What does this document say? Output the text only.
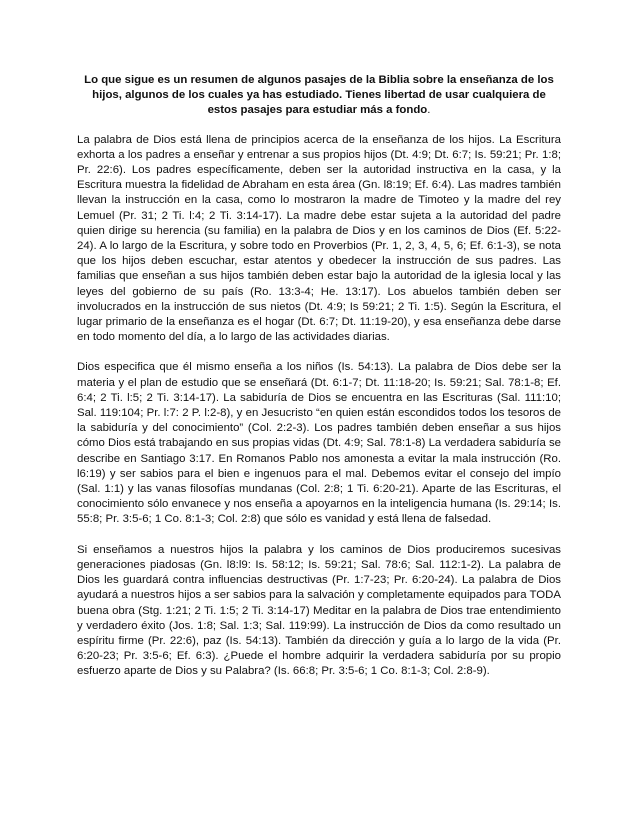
Lo que sigue es un resumen de algunos pasajes de la Biblia sobre la enseñanza de los hijos, algunos de los cuales ya has estudiado. Tienes libertad de usar cualquiera de estos pasajes para estudiar más a fondo.

La palabra de Dios está llena de principios acerca de la enseñanza de los hijos. La Escritura exhorta a los padres a enseñar y entrenar a sus propios hijos (Dt. 4:9; Dt. 6:7; Is. 59:21; Pr. 1:8; Pr. 22:6). Los padres específicamente, deben ser la autoridad instructiva en la casa, y la Escritura muestra la fidelidad de Abraham en esta área (Gn. l8:19; Ef. 6:4). Las madres también llevan la instrucción en la casa, como lo mostraron la madre de Timoteo y la madre del rey Lemuel (Pr. 31; 2 Ti. l:4; 2 Ti. 3:14-17). La madre debe estar sujeta a la autoridad del padre quien dirige su herencia (su familia) en la palabra de Dios y en los caminos de Dios (Ef. 5:22-24). A lo largo de la Escritura, y sobre todo en Proverbios (Pr. 1, 2, 3, 4, 5, 6; Ef. 6:1-3), se nota que los hijos deben escuchar, estar atentos y obedecer la instrucción de sus padres. Las familias que enseñan a sus hijos también deben estar bajo la autoridad de la iglesia local y las leyes del gobierno de su país (Ro. 13:3-4; He. 13:17). Los abuelos también deben ser involucrados en la instrucción de sus nietos (Dt. 4:9; Is 59:21; 2 Ti. 1:5). Según la Escritura, el lugar primario de la enseñanza es el hogar (Dt. 6:7; Dt. 11:19-20), y esa enseñanza debe darse en todo momento del día, a lo largo de las actividades diarias.

Dios especifica que él mismo enseña a los niños (Is. 54:13). La palabra de Dios debe ser la materia y el plan de estudio que se enseñará (Dt. 6:1-7; Dt. 11:18-20; Is. 59:21; Sal. 78:1-8; Ef. 6:4; 2 Ti. l:5; 2 Ti. 3:14-17). La sabiduría de Dios se encuentra en las Escrituras (Sal. 111:10; Sal. 119:104; Pr. l:7: 2 P. l:2-8), y en Jesucristo “en quien están escondidos todos los tesoros de la sabiduría y del conocimiento” (Col. 2:2-3). Los padres también deben enseñar a sus hijos cómo Dios está trabajando en sus propias vidas (Dt. 4:9; Sal. 78:1-8) La verdadera sabiduría se describe en Santiago 3:17. En Romanos Pablo nos amonesta a evitar la mala instrucción (Ro. l6:19) y ser sabios para el bien e ingenuos para el mal. Debemos evitar el consejo del impío (Sal. 1:1) y las vanas filosofías mundanas (Col. 2:8; 1 Ti. 6:20-21). Aparte de las Escrituras, el conocimiento sólo envanece y nos enseña a apoyarnos en la inteligencia humana (Is. 29:14; Is. 55:8; Pr. 3:5-6; 1 Co. 8:1-3; Col. 2:8) que sólo es vanidad y está llena de falsedad.

Si enseñamos a nuestros hijos la palabra y los caminos de Dios produciremos sucesivas generaciones piadosas (Gn. l8:l9: Is. 58:12; Is. 59:21; Sal. 78:6; Sal. 112:1-2). La palabra de Dios les guardará contra influencias destructivas (Pr. 1:7-23; Pr. 6:20-24). La palabra de Dios ayudará a nuestros hijos a ser sabios para la salvación y completamente equipados para TODA buena obra (Stg. 1:21; 2 Ti. 1:5; 2 Ti. 3:14-17) Meditar en la palabra de Dios trae entendimiento y verdadero éxito (Jos. 1:8; Sal. 1:3; Sal. 119:99). La instrucción de Dios da como resultado un espíritu firme (Pr. 22:6), paz (Is. 54:13). También da dirección y guía a lo largo de la vida (Pr. 6:20-23; Pr. 3:5-6; Ef. 6:3). ¿Puede el hombre adquirir la verdadera sabiduría por su propio esfuerzo aparte de Dios y su Palabra? (Is. 66:8; Pr. 3:5-6; 1 Co. 8:1-3; Col. 2:8-9).
